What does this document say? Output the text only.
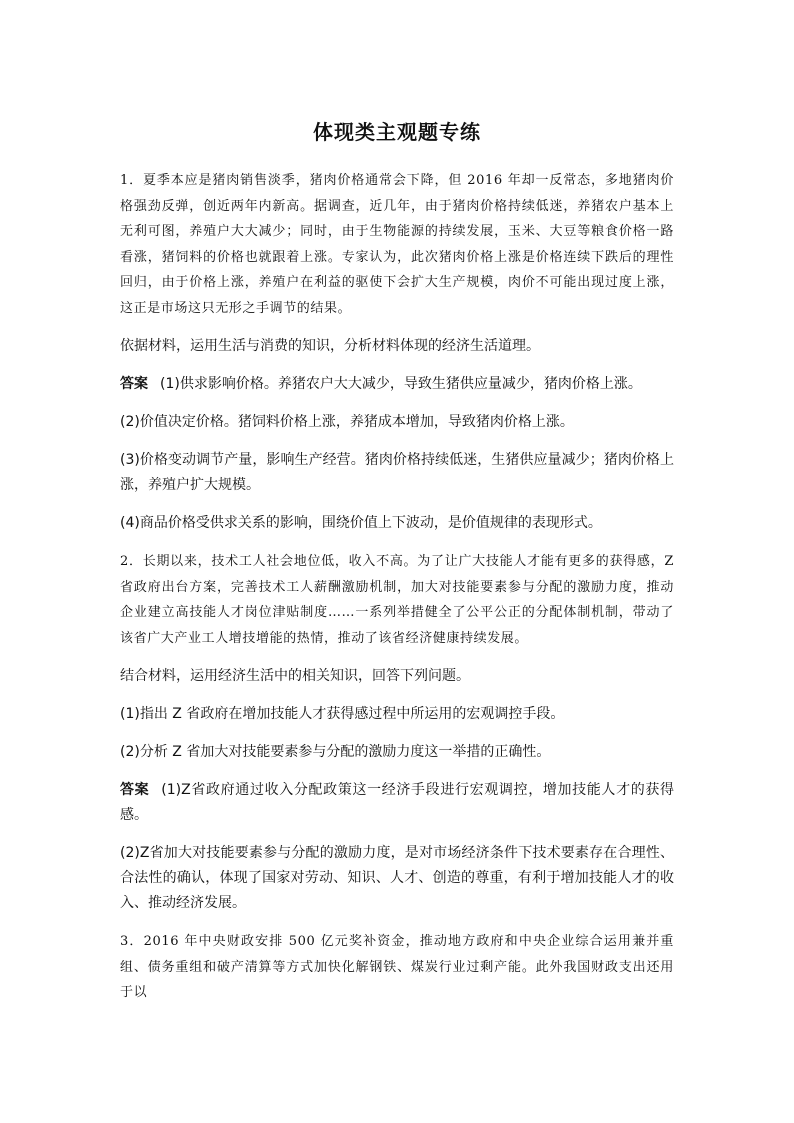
体现类主观题专练

1．夏季本应是猪肉销售淡季，猪肉价格通常会下降，但 2016 年却一反常态，多地猪肉价格强劲反弹，创近两年内新高。据调查，近几年，由于猪肉价格持续低迷，养猪农户基本上无利可图，养殖户大大减少；同时，由于生物能源的持续发展，玉米、大豆等粮食价格一路看涨，猪饲料的价格也就跟着上涨。专家认为，此次猪肉价格上涨是价格连续下跌后的理性回归，由于价格上涨，养殖户在利益的驱使下会扩大生产规模，肉价不可能出现过度上涨，这正是市场这只无形之手调节的结果。

依据材料，运用生活与消费的知识，分析材料体现的经济生活道理。

答案 (1)供求影响价格。养猪农户大大减少，导致生猪供应量减少，猪肉价格上涨。

(2)价值决定价格。猪饲料价格上涨，养猪成本增加，导致猪肉价格上涨。

(3)价格变动调节产量，影响生产经营。猪肉价格持续低迷，生猪供应量减少；猪肉价格上涨，养殖户扩大规模。

(4)商品价格受供求关系的影响，围绕价值上下波动，是价值规律的表现形式。

2．长期以来，技术工人社会地位低，收入不高。为了让广大技能人才能有更多的获得感，Z省政府出台方案，完善技术工人薪酬激励机制，加大对技能要素参与分配的激励力度，推动企业建立高技能人才岗位津贴制度……一系列举措健全了公平公正的分配体制机制，带动了该省广大产业工人增技增能的热情，推动了该省经济健康持续发展。

结合材料，运用经济生活中的相关知识，回答下列问题。

(1)指出 Z 省政府在增加技能人才获得感过程中所运用的宏观调控手段。

(2)分析 Z 省加大对技能要素参与分配的激励力度这一举措的正确性。

答案 (1)Z省政府通过收入分配政策这一经济手段进行宏观调控，增加技能人才的获得感。

(2)Z省加大对技能要素参与分配的激励力度，是对市场经济条件下技术要素存在合理性、合法性的确认，体现了国家对劳动、知识、人才、创造的尊重，有利于增加技能人才的收入、推动经济发展。

3．2016 年中央财政安排 500 亿元奖补资金，推动地方政府和中央企业综合运用兼并重组、债务重组和破产清算等方式加快化解钢铁、煤炭行业过剩产能。此外我国财政支出还用于以
